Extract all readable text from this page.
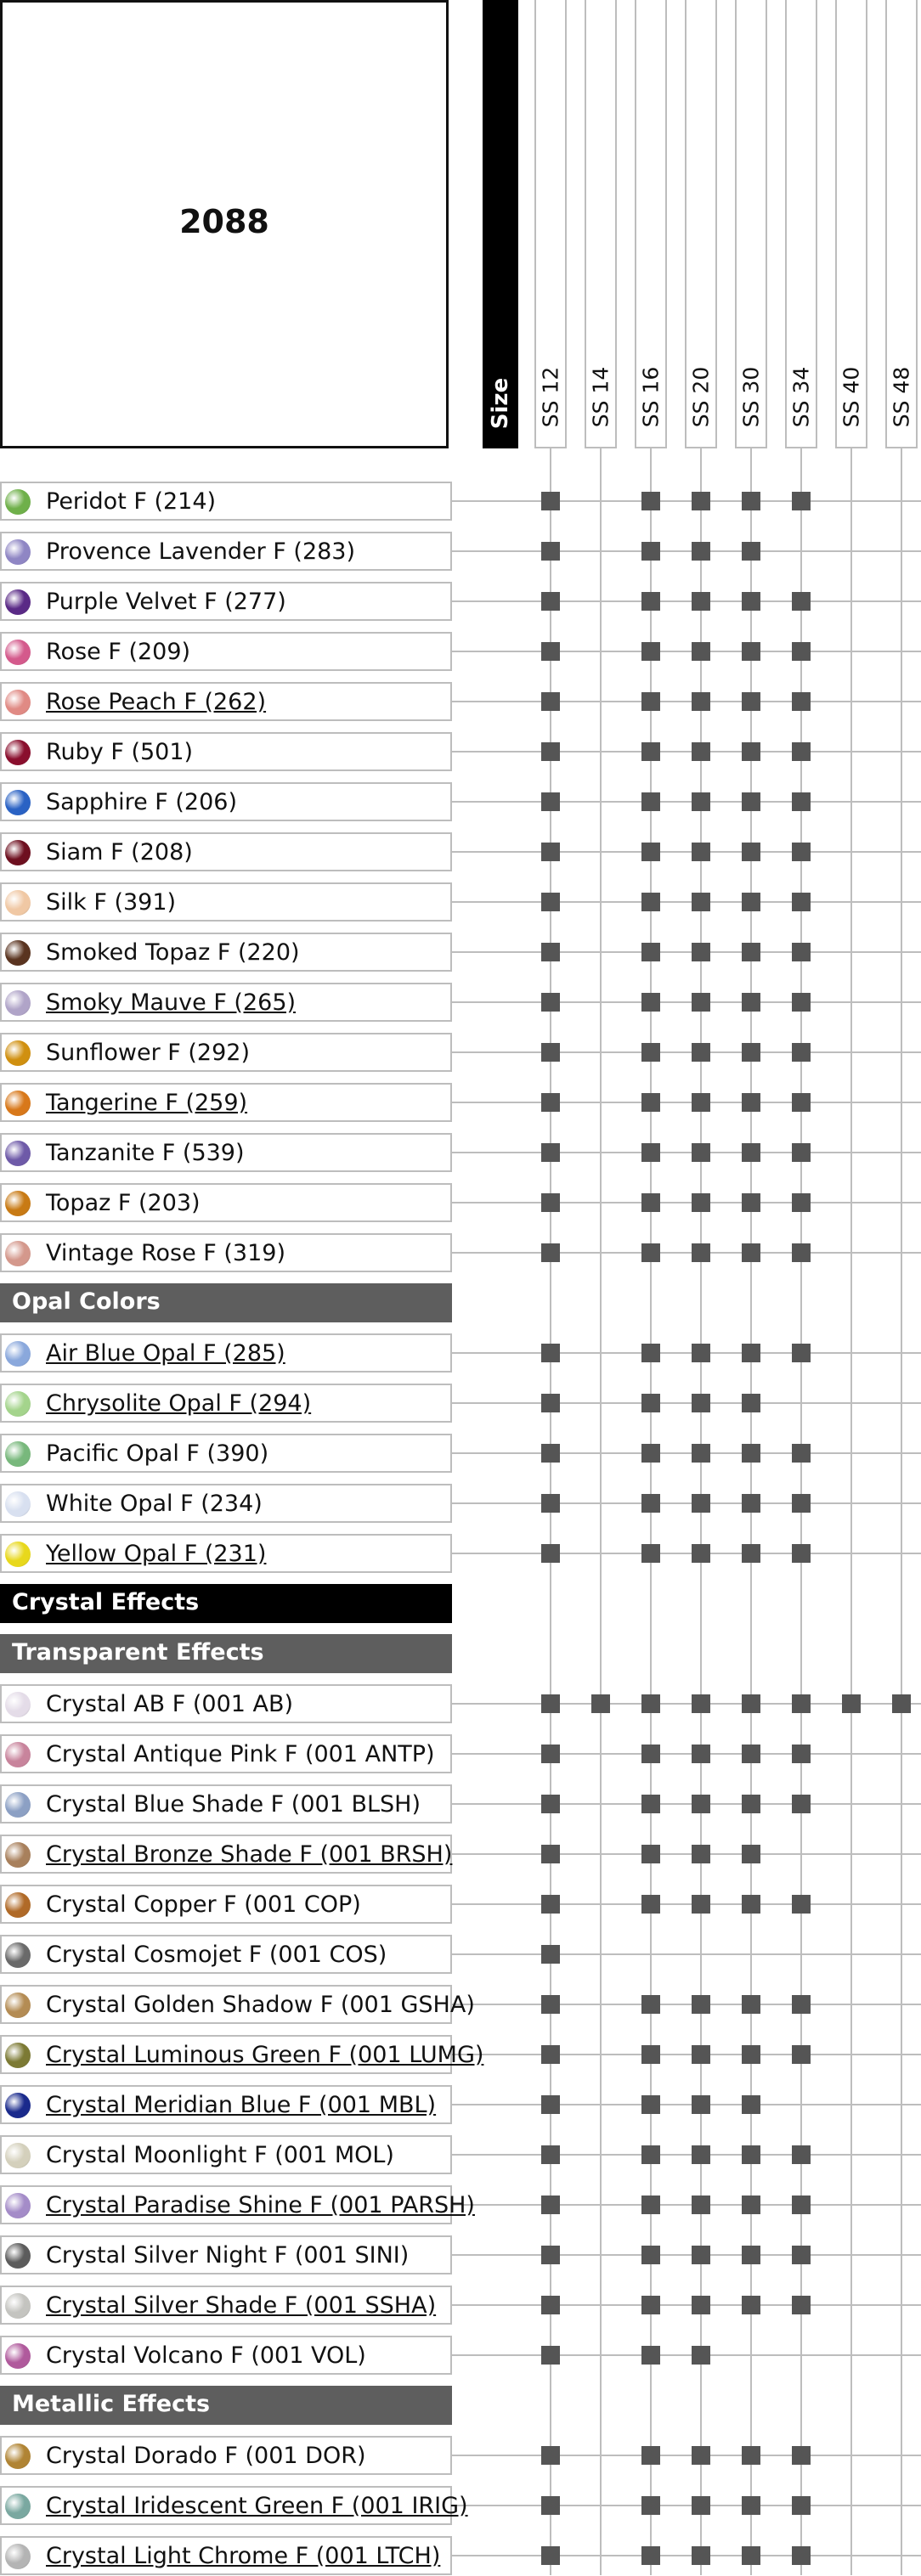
2088
Size SS 12 SS 14 SS 16 SS 20 SS 30 SS 34 SS 40 SS 48
Peridot F (214)
Provence Lavender F (283)
Purple Velvet F (277)
Rose F (209)
Rose Peach F (262)
Ruby F (501)
Sapphire F (206)
Siam F (208)
Silk F (391)
Smoked Topaz F (220)
Smoky Mauve F (265)
Sunflower F (292)
Tangerine F (259)
Tanzanite F (539)
Topaz F (203)
Vintage Rose F (319)
Opal Colors
Air Blue Opal F (285)
Chrysolite Opal F (294)
Pacific Opal F (390)
White Opal F (234)
Yellow Opal F (231)
Crystal Effects
Transparent Effects
Crystal AB F (001 AB)
Crystal Antique Pink F (001 ANTP)
Crystal Blue Shade F (001 BLSH)
Crystal Bronze Shade F (001 BRSH)
Crystal Copper F (001 COP)
Crystal Cosmojet F (001 COS)
Crystal Golden Shadow F (001 GSHA)
Crystal Luminous Green F (001 LUMG)
Crystal Meridian Blue F (001 MBL)
Crystal Moonlight F (001 MOL)
Crystal Paradise Shine F (001 PARSH)
Crystal Silver Night F (001 SINI)
Crystal Silver Shade F (001 SSHA)
Crystal Volcano F (001 VOL)
Metallic Effects
Crystal Dorado F (001 DOR)
Crystal Iridescent Green F (001 IRIG)
Crystal Light Chrome F (001 LTCH)
